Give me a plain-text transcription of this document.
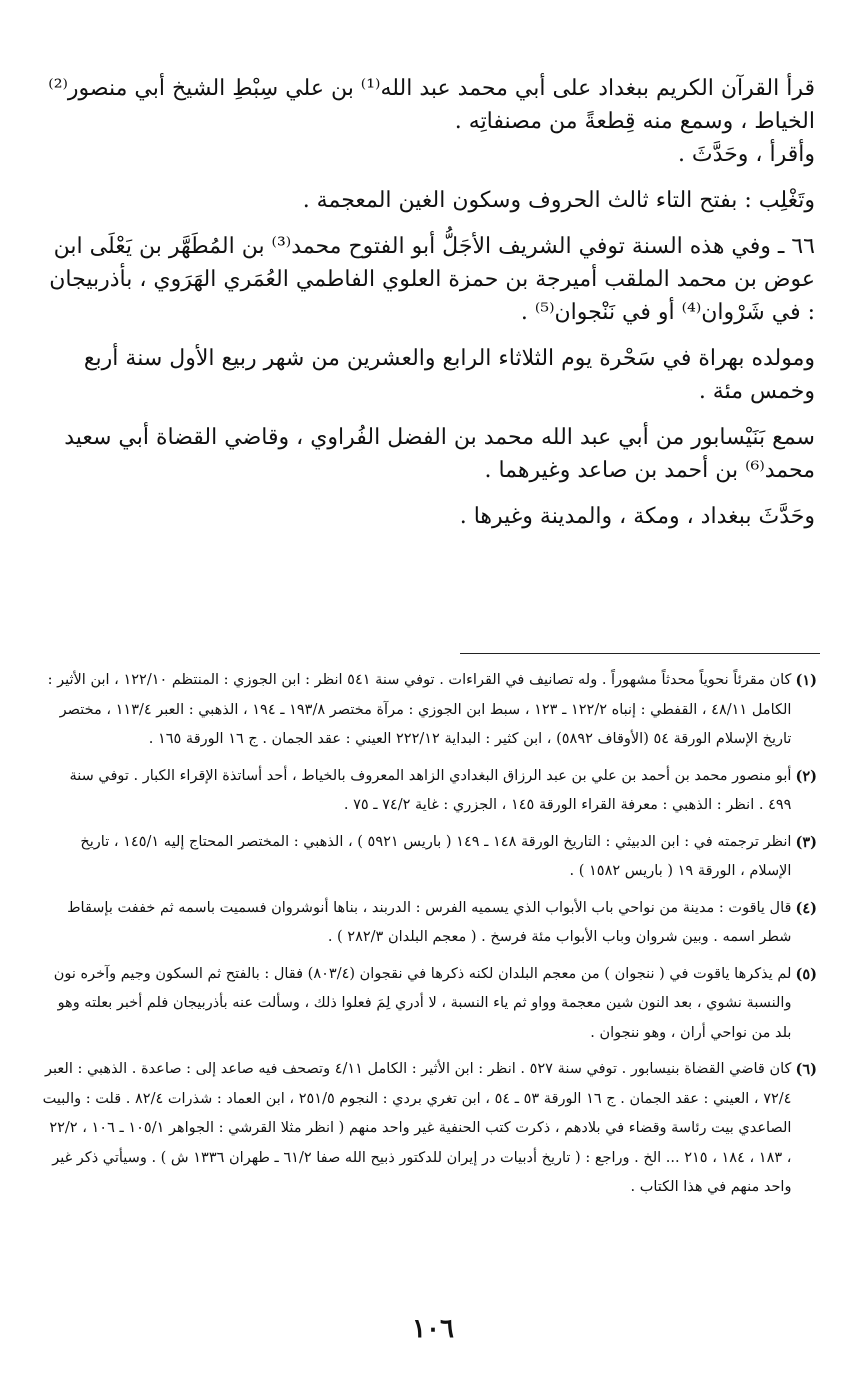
قرأ القرآن الكريم ببغداد على أبي محمد عبد الله⁽¹⁾ بن علي سِبْطِ الشيخ أبي منصور⁽²⁾ الخياط ، وسمع منه قِطعةً من مصنفاتِه .

وأقرأ ، وحَدَّثَ .

وتَغْلِب : بفتح التاء ثالث الحروف وسكون الغين المعجمة .

٦٦ ـ وفي هذه السنة توفي الشريف الأجَلُّ أبو الفتوح محمد⁽³⁾ بن المُطَهَّر بن يَعْلَى ابن عوض بن محمد الملقب أميرجة بن حمزة العلوي الفاطمي العُمَري الهَرَوي ، بأذربيجان : في شَرْوان⁽⁴⁾ أو في نَنْجوان⁽⁵⁾ .

ومولده بهراة في سَحْرة يوم الثلاثاء الرابع والعشرين من شهر ربيع الأول سنة أربع وخمس مئة .

سمع بَنَيْسابور من أبي عبد الله محمد بن الفضل الفُراوي ، وقاضي القضاة أبي سعيد محمد⁽⁶⁾ بن أحمد بن صاعد وغيرهما .

وحَدَّثَ ببغداد ، ومكة ، والمدينة وغيرها .

(١)
كان مقرئاً نحوياً محدثاً مشهوراً . وله تصانيف في القراءات . توفي سنة ٥٤١ انظر : ابن الجوزي : المنتظم ١٢٢/١٠ ، ابن الأثير : الكامل ٤٨/١١ ، القفطي : إنباه ١٢٢/٢ ـ ١٢٣ ، سبط ابن الجوزي : مرآة مختصر ١٩٣/٨ ـ ١٩٤ ، الذهبي : العبر ١١٣/٤ ، مختصر تاريخ الإسلام الورقة ٥٤ (الأوقاف ٥٨٩٢) ، ابن كثير : البداية ٢٢٢/١٢ العيني : عقد الجمان . ج ١٦ الورقة ١٦٥ .
(٢)
أبو منصور محمد بن أحمد بن علي بن عبد الرزاق البغدادي الزاهد المعروف بالخياط ، أحد أساتذة الإقراء الكبار . توفي سنة ٤٩٩ . انظر : الذهبي : معرفة القراء الورقة ١٤٥ ، الجزري : غاية ٧٤/٢ ـ ٧٥ .
(٣)
انظر ترجمته في : ابن الدبيثي : التاريخ الورقة ١٤٨ ـ ١٤٩ ( باريس ٥٩٢١ ) ، الذهبي : المختصر المحتاج إليه ١٤٥/١ ، تاريخ الإسلام ، الورقة ١٩ ( باريس ١٥٨٢ ) .
(٤)
قال ياقوت : مدينة من نواحي باب الأبواب الذي يسميه الفرس : الدربند ، بناها أنوشروان فسميت باسمه ثم خففت بإسقاط شطر اسمه . وبين شروان وباب الأبواب مئة فرسخ . ( معجم البلدان ٢٨٢/٣ ) .
(٥)
لم يذكرها ياقوت في ( ننجوان ) من معجم البلدان لكنه ذكرها في نقجوان (٨٠٣/٤) فقال : بالفتح ثم السكون وجيم وآخره نون والنسبة نشوي ، بعد النون شين معجمة وواو ثم ياء النسبة ، لا أدري لِمَ فعلوا ذلك ، وسألت عنه بأذربيجان فلم أخبر بعلته وهو بلد من نواحي أران ، وهو ننجوان .
(٦)
كان قاضي القضاة بنيسابور . توفي سنة ٥٢٧ . انظر : ابن الأثير : الكامل ٤/١١ وتصحف فيه صاعد إلى : صاعدة . الذهبي : العبر ٧٢/٤ ، العيني : عقد الجمان . ج ١٦ الورقة ٥٣ ـ ٥٤ ، ابن تغري بردي : النجوم ٢٥١/٥ ، ابن العماد : شذرات ٨٢/٤ . قلت : والبيت الصاعدي بيت رئاسة وقضاء في بلادهم ، ذكرت كتب الحنفية غير واحد منهم ( انظر مثلا القرشي : الجواهر ١٠٥/١ ـ ١٠٦ ، ٢٢/٢ ، ١٨٣ ، ١٨٤ ، ٢١٥ ... الخ . وراجع : ( تاريخ أدبيات در إيران للدكتور ذبيح الله صفا ٦١/٢ ـ طهران ١٣٣٦ ش ) . وسيأتي ذكر غير واحد منهم في هذا الكتاب .
١٠٦
